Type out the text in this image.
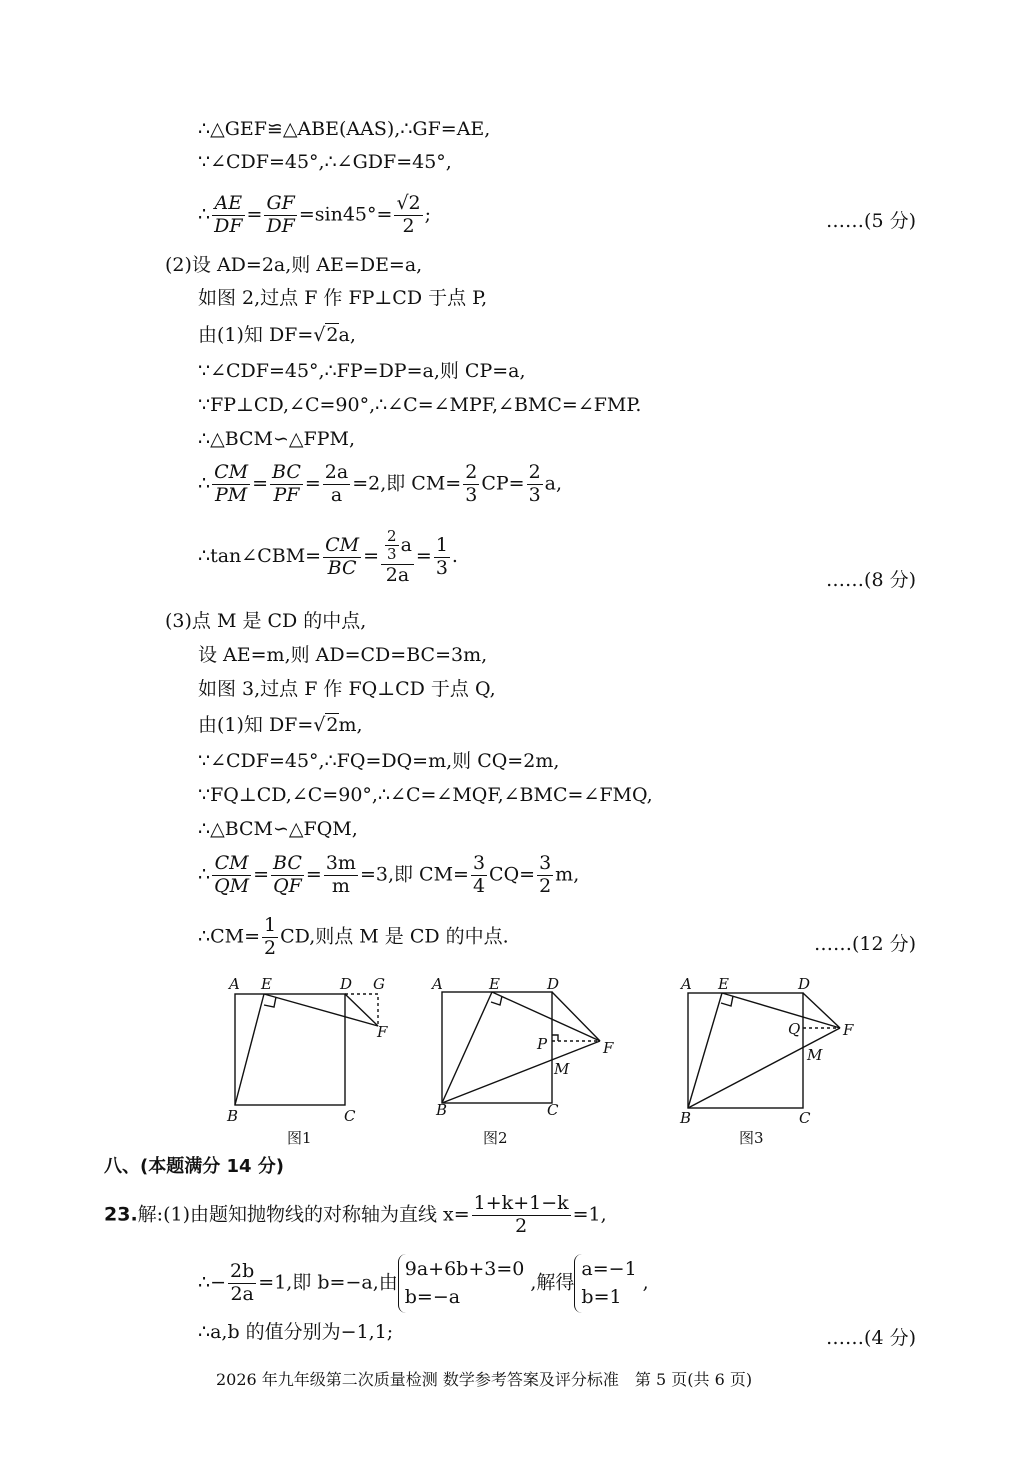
∴△GEF≌△ABE(AAS),∴GF=AE,
∵∠CDF=45°,∴∠GDF=45°,
∴ $\frac{AE}{DF} = \frac{GF}{DF} =\sin 45^\circ= \frac{√2}{2}$ ;	……(5 分)
(2)设 AD=2a,则 AE=DE=a,
如图 2,过点 F 作 FP⊥CD 于点 P,
由(1)知 DF=√2a,
∵∠CDF=45°,∴FP=DP=a,则 CP=a,
∵FP⊥CD,∠C=90°,∴∠C=∠MPF,∠BMC=∠FMP.
∴△BCM∽△FPM,
∴ $\frac{CM}{PM} = \frac{BC}{PF} = \frac{2a}{a} =2$,即 $CM= \frac{2}{3} CP= \frac{2}{3} a$,
∴tan∠CBM= $\frac{CM}{BC} = \frac{\frac{2}{3} a}{2a} = \frac{1}{3}$ .
……(8 分)
(3)点 M 是 CD 的中点,
设 AE=m,则 AD=CD=BC=3m,
如图 3,过点 F 作 FQ⊥CD 于点 Q,
由(1)知 DF=√2m,
∵∠CDF=45°,∴FQ=DQ=m,则 CQ=2m,
∵FQ⊥CD,∠C=90°,∴∠C=∠MQF,∠BMC=∠FMQ,
∴△BCM∽△FQM,
∴ $\frac{CM}{QM} = \frac{BC}{QF} = \frac{3m}{m} =3$,即 $CM= \frac{3}{4} CQ= \frac{3}{2} m$,
∴CM= $\frac{1}{2}$ CD,则点 M 是 CD 的中点.	……(12 分)
A E	D G
F
B	C
图1
A	E	D
P	F
M
B	C
图2
A E	D
Q	F
M
B	C
图3
八、(本题满分 14 分)
23.解:(1)由题知抛物线的对称轴为直线 $x= \frac{1+k+1-k}{2} =1$,
∴− $\frac{2b}{2a} =1$,即 b=−a,由
9a+6b+3=0
b=−a
,解得
a=−1
b=1
,
∴a,b 的值分别为−1,1;	……(4 分)
2026 年九年级第二次质量检测 数学参考答案及评分标准　第 5 页(共 6 页)
